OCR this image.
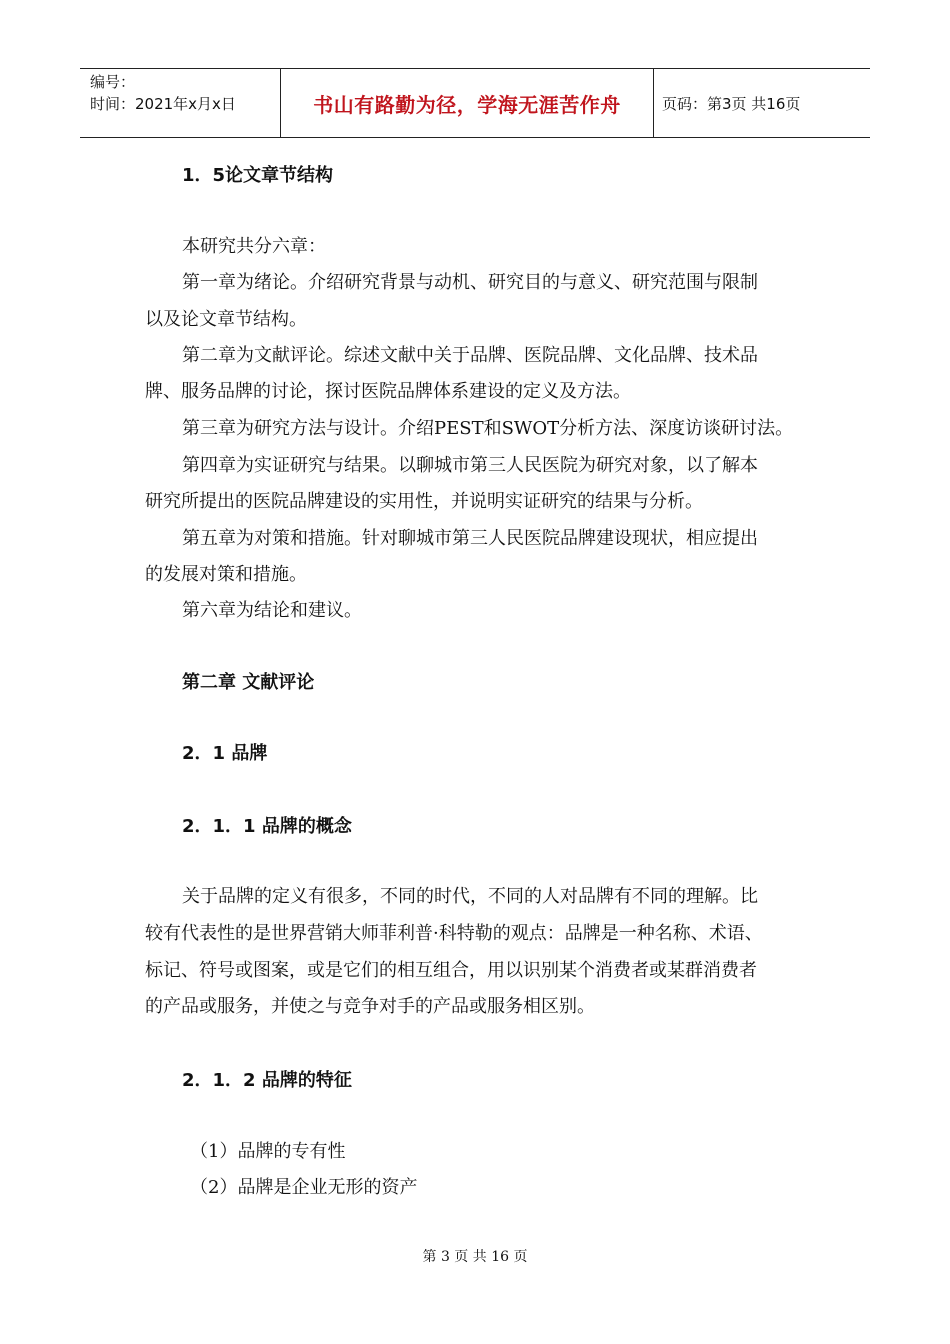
编号：
时间：2021年x月x日	书山有路勤为径，学海无涯苦作舟	页码：第3页 共16页
1．5论文章节结构
本研究共分六章：
第一章为绪论。介绍研究背景与动机、研究目的与意义、研究范围与限制
以及论文章节结构。
第二章为文献评论。综述文献中关于品牌、医院品牌、文化品牌、技术品
牌、服务品牌的讨论，探讨医院品牌体系建设的定义及方法。
第三章为研究方法与设计。介绍PEST和SWOT分析方法、深度访谈研讨法。
第四章为实证研究与结果。以聊城市第三人民医院为研究对象，以了解本
研究所提出的医院品牌建设的实用性，并说明实证研究的结果与分析。
第五章为对策和措施。针对聊城市第三人民医院品牌建设现状，相应提出
的发展对策和措施。
第六章为结论和建议。
第二章 文献评论
2．1 品牌
2．1．1 品牌的概念
关于品牌的定义有很多，不同的时代，不同的人对品牌有不同的理解。比
较有代表性的是世界营销大师菲利普·科特勒的观点：品牌是一种名称、术语、
标记、符号或图案，或是它们的相互组合，用以识别某个消费者或某群消费者
的产品或服务，并使之与竞争对手的产品或服务相区别。
2．1．2 品牌的特征
（1）品牌的专有性
（2）品牌是企业无形的资产
第 3 页 共 16 页
